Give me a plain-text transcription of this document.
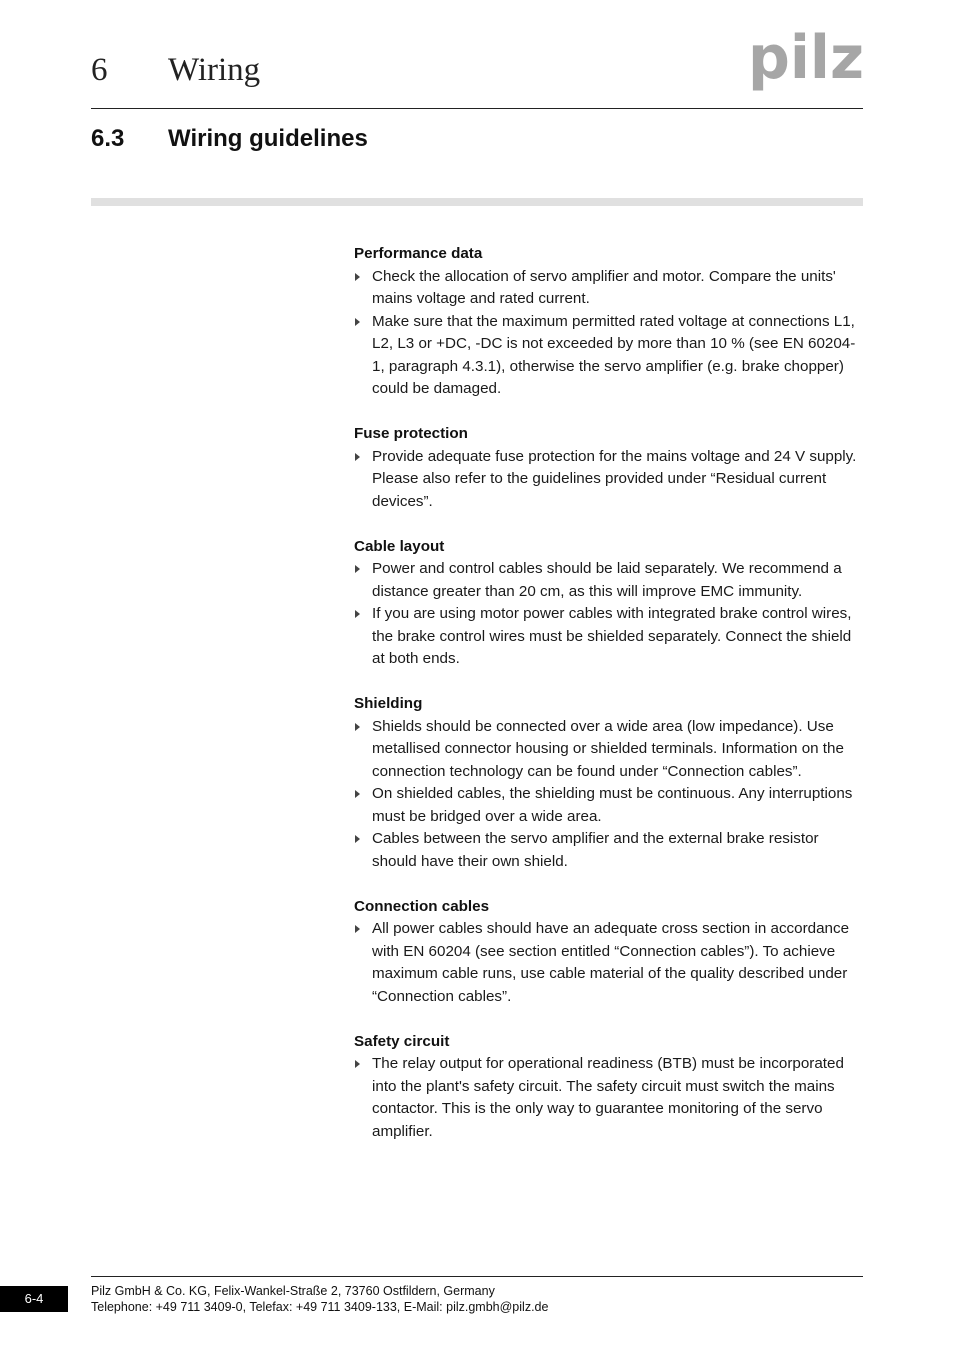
6 Wiring	pilz
6.3 Wiring guidelines
Performance data
Check the allocation of servo amplifier and motor. Compare the units' mains voltage and rated current.
Make sure that the maximum permitted rated voltage at connections L1, L2, L3 or +DC, -DC is not exceeded by more than 10 % (see EN 60204-1, paragraph 4.3.1), otherwise the servo amplifier (e.g. brake chopper) could be damaged.
Fuse protection
Provide adequate fuse protection for the mains voltage and 24 V supply. Please also refer to the guidelines provided under “Residual current devices”.
Cable layout
Power and control cables should be laid separately. We recommend a distance greater than 20 cm, as this will improve EMC immunity.
If you are using motor power cables with integrated brake control wires, the brake control wires must be shielded separately. Connect the shield at both ends.
Shielding
Shields should be connected over a wide area (low impedance). Use metallised connector housing or shielded terminals. Information on the connection technology can be found under “Connection cables”.
On shielded cables, the shielding must be continuous. Any interruptions must be bridged over a wide area.
Cables between the servo amplifier and the external brake resistor should have their own shield.
Connection cables
All power cables should have an adequate cross section in accordance with EN 60204 (see section entitled “Connection cables”). To achieve maximum cable runs, use cable material of the quality described under “Connection cables”.
Safety circuit
The relay output for operational readiness (BTB) must be incorporated into the plant's safety circuit. The safety circuit must switch the mains contactor. This is the only way to guarantee monitoring of the servo amplifier.
6-4	Pilz GmbH & Co. KG, Felix-Wankel-Straße 2, 73760 Ostfildern, Germany
Telephone: +49 711 3409-0, Telefax: +49 711 3409-133, E-Mail: pilz.gmbh@pilz.de
